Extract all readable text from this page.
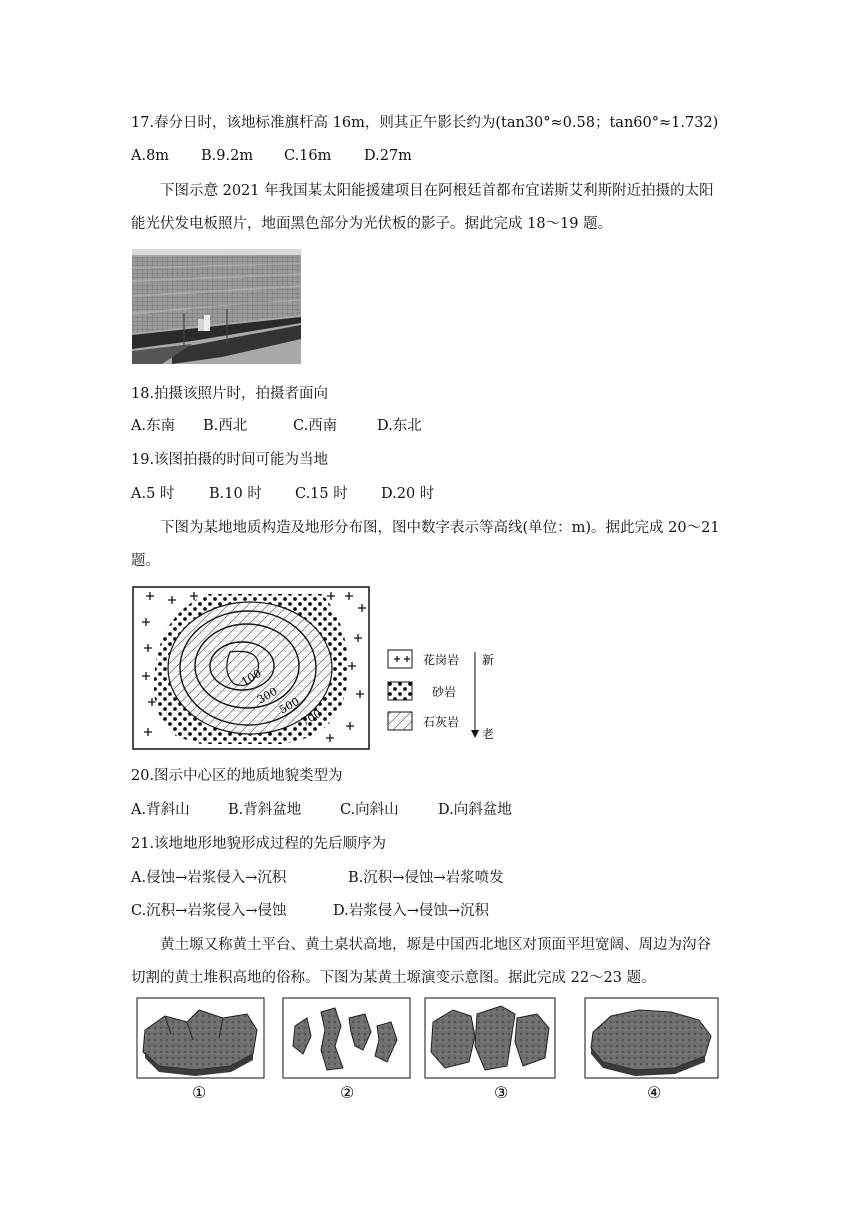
17.春分日时，该地标准旗杆高 16m，则其正午影长约为(tan30°≈0.58；tan60°≈1.732)
A.8m B.9.2m C.16m D.27m
下图示意 2021 年我国某太阳能援建项目在阿根廷首都布宜诺斯艾利斯附近拍摄的太阳
能光伏发电板照片，地面黑色部分为光伏板的影子。据此完成 18～19 题。
18.拍摄该照片时，拍摄者面向
A.东南 B.西北	C.西南	D.东北
19.该图拍摄的时间可能为当地
A.5 时 B.10 时 C.15 时 D.20 时
下图为某地地质构造及地形分布图，图中数字表示等高线(单位：m)。据此完成 20～21
题。
100
300
500
700
花岗岩
砂岩
石灰岩
新
老
20.图示中心区的地质地貌类型为
A.背斜山	B.背斜盆地	C.向斜山	D.向斜盆地
21.该地地形地貌形成过程的先后顺序为
A.侵蚀→岩浆侵入→沉积	B.沉积→侵蚀→岩浆喷发
C.沉积→岩浆侵入→侵蚀	D.岩浆侵入→侵蚀→沉积
黄土塬又称黄土平台、黄土桌状高地，塬是中国西北地区对顶面平坦宽阔、周边为沟谷
切割的黄土堆积高地的俗称。下图为某黄土塬演变示意图。据此完成 22～23 题。
①	②	③	④
